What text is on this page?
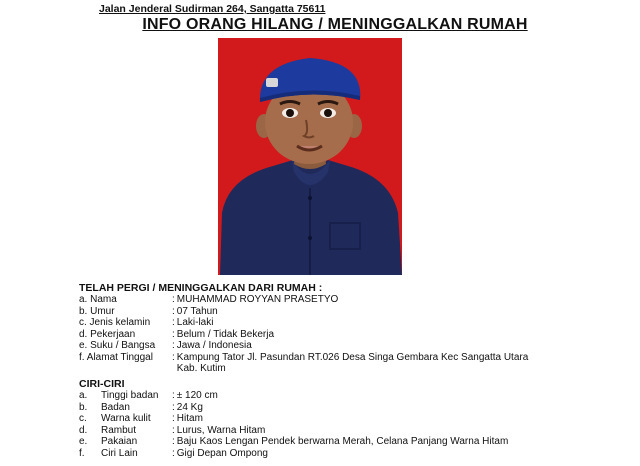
Jalan Jenderal Sudirman 264, Sangatta 75611
INFO ORANG HILANG / MENINGGALKAN RUMAH
TELAH PERGI / MENINGGALKAN DARI RUMAH :
a. Nama	: MUHAMMAD ROYYAN PRASETYO
b. Umur	: 07 Tahun
c. Jenis kelamin	: Laki-laki
d. Pekerjaan	: Belum / Tidak Bekerja
e. Suku / Bangsa	: Jawa / Indonesia
f. Alamat Tinggal	: Kampung Tator Jl. Pasundan RT.026 Desa Singa Gembara Kec Sangatta Utara Kab. Kutim
CIRI-CIRI
a.	Tinggi badan	: ± 120 cm
b.	Badan	: 24 Kg
c.	Warna kulit	: Hitam
d.	Rambut	: Lurus, Warna Hitam
e.	Pakaian	: Baju Kaos Lengan Pendek berwarna Merah, Celana Panjang Warna Hitam
f.	Ciri Lain	: Gigi Depan Ompong
